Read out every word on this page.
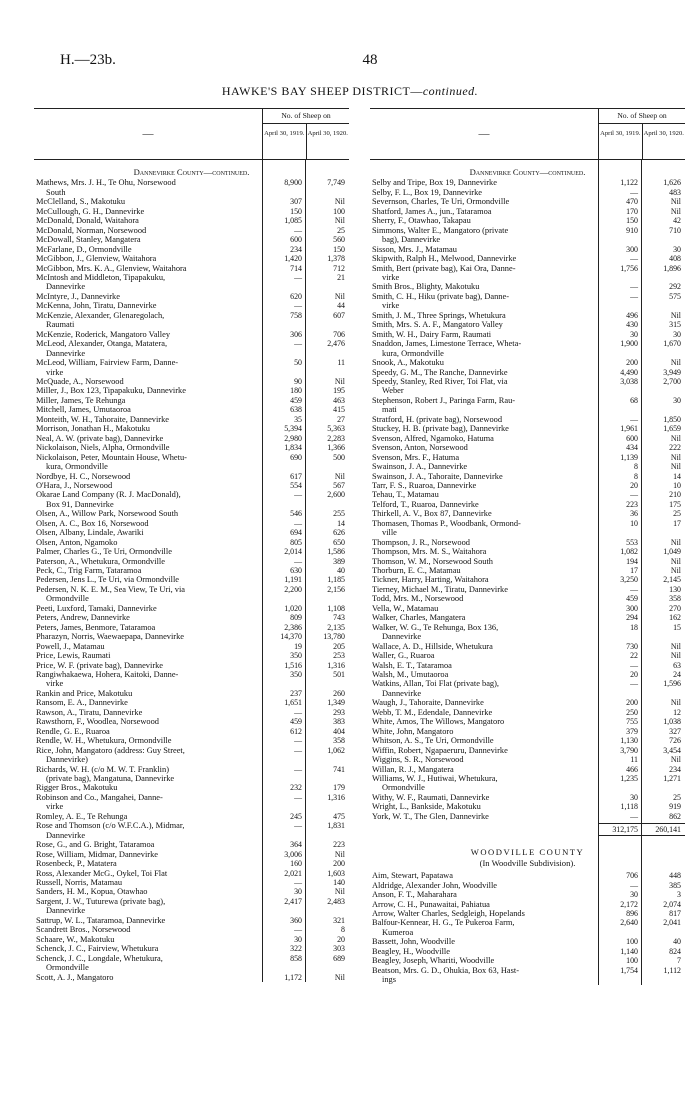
H.—23b.	48
HAWKE'S BAY SHEEP DISTRICT—continued.
—
No. of Sheep on
April 30, 1919. April 30, 1920.
Dannevirke County—continued.
Mathews, Mrs. J. H., Te Ohu, Norsewood	8,900	7,749
South
McClelland, S., Makotuku	307	Nil
McCullough, G. H., Dannevirke	150	100
McDonald, Donald, Waitahora	1,085	Nil
McDonald, Norman, Norsewood	—	25
McDowall, Stanley, Mangatera	600	560
McFarlane, D., Ormondville	234	150
McGibbon, J., Glenview, Waitahora	1,420	1,378
McGibbon, Mrs. K. A., Glenview, Waitahora	714	712
McIntosh and Middleton, Tipapakuku,	—	21
Dannevirke
McIntyre, J., Dannevirke	620	Nil
McKenna, John, Tiratu, Dannevirke	—	44
McKenzie, Alexander, Glenaregolach,	758	607
Raumati
McKenzie, Roderick, Mangatoro Valley	306	706
McLeod, Alexander, Otanga, Matatera,	—	2,476
Dannevirke
McLeod, William, Fairview Farm, Danne-	50	11
virke
McQuade, A., Norsewood	90	Nil
Miller, J., Box 123, Tipapakuku, Dannevirke	180	195
Miller, James, Te Rehunga	459	463
Mitchell, James, Umutaoroa	638	415
Monteith, W. H., Tahoraite, Dannevirke	35	27
Morrison, Jonathan H., Makotuku	5,394	5,363
Neal, A. W. (private bag), Dannevirke	2,980	2,283
Nickolaison, Niels, Alpha, Ormondville	1,834	1,366
Nickolaison, Peter, Mountain House, Whetu-	690	500
kura, Ormondville
Nordbye, H. C., Norsewood	617	Nil
O'Hara, J., Norsewood	554	567
Okarae Land Company (R. J. MacDonald),	—	2,600
Box 91, Dannevirke
Olsen, A., Willow Park, Norsewood South	546	255
Olsen, A. C., Box 16, Norsewood	—	14
Olsen, Albany, Lindale, Awariki	694	626
Olsen, Anton, Ngamoko	805	650
Palmer, Charles G., Te Uri, Ormondville	2,014	1,586
Paterson, A., Whetukura, Ormondville	—	389
Peck, C., Trig Farm, Tataramoa	630	40
Pedersen, Jens L., Te Uri, via Ormondville	1,191	1,185
Pedersen, N. K. E. M., Sea View, Te Uri, via	2,200	2,156
Ormondville
Peeti, Luxford, Tamaki, Dannevirke	1,020	1,108
Peters, Andrew, Dannevirke	809	743
Peters, James, Benmore, Tataramoa	2,386	2,135
Pharazyn, Norris, Waewaepapa, Dannevirke	14,370	13,780
Powell, J., Matamau	19	205
Price, Lewis, Raumati	350	253
Price, W. F. (private bag), Dannevirke	1,516	1,316
Rangiwhakaewa, Hohera, Kaitoki, Danne-	350	501
virke
Rankin and Price, Makotuku	237	260
Ransom, E. A., Dannevirke	1,651	1,349
Rawson, A., Tiratu, Dannevirke	—	293
Rawsthorn, F., Woodlea, Norsewood	459	383
Rendle, G. E., Ruaroa	612	404
Rendle, W. H., Whetukura, Ormondville	—	358
Rice, John, Mangatoro (address: Guy Street,	—	1,062
Dannevirke)
Richards, W. H. (c/o M. W. T. Franklin)	—	741
(private bag), Mangatuna, Dannevirke
Rigger Bros., Makotuku	232	179
Robinson and Co., Mangahei, Danne-	—	1,316
virke
Romley, A. E., Te Rehunga	245	475
Rose and Thomson (c/o W.F.C.A.), Midmar,	—	1,831
Dannevirke
Rose, G., and G. Bright, Tataramoa	364	223
Rose, William, Midmar, Dannevirke	3,006	Nil
Rosenbeck, P., Matatera	160	200
Ross, Alexander McG., Oykel, Toi Flat	2,021	1,603
Russell, Norris, Matamau	—	140
Sanders, H. M., Kopua, Otawhao	30	Nil
Sargent, J. W., Tuturewa (private bag),	2,417	2,483
Dannevirke
Sattrup, W. L., Tataramoa, Dannevirke	360	321
Scandrett Bros., Norsewood	—	8
Schaare, W., Makotuku	30	20
Schenck, J. C., Fairview, Whetukura	322	303
Schenck, J. C., Longdale, Whetukura,	858	689
Ormondville
Scott, A. J., Mangatoro	1,172	Nil
—
No. of Sheep on
April 30, 1919. April 30, 1920.
Dannevirke County—continued.
Selby and Tripe, Box 19, Dannevirke	1,122	1,626
Selby, F. L., Box 19, Dannevirke	—	483
Severnson, Charles, Te Uri, Ormondville	470	Nil
Shatford, James A., jun., Tataramoa	170	Nil
Sherry, F., Otawhao, Takapau	150	42
Simmons, Walter E., Mangatoro (private	910	710
bag), Dannevirke
Sisson, Mrs. J., Matamau	300	30
Skipwith, Ralph H., Melwood, Dannevirke	—	408
Smith, Bert (private bag), Kai Ora, Danne-	1,756	1,896
virke
Smith Bros., Blighty, Makotuku	—	292
Smith, C. H., Hiku (private bag), Danne-	—	575
virke
Smith, J. M., Three Springs, Whetukura	496	Nil
Smith, Mrs. S. A. F., Mangatoro Valley	430	315
Smith, W. H., Dairy Farm, Raumati	30	30
Snaddon, James, Limestone Terrace, Wheta-	1,900	1,670
kura, Ormondville
Snook, A., Makotuku	200	Nil
Speedy, G. M., The Ranche, Dannevirke	4,490	3,949
Speedy, Stanley, Red River, Toi Flat, via	3,038	2,700
Weber
Stephenson, Robert J., Paringa Farm, Rau-	68	30
mati
Stratford, H. (private bag), Norsewood	—	1,850
Stuckey, H. B. (private bag), Dannevirke	1,961	1,659
Svenson, Alfred, Ngamoko, Hatuma	600	Nil
Svenson, Anton, Norsewood	434	222
Svenson, Mrs. F., Hatuma	1,139	Nil
Swainson, J. A., Dannevirke	8	Nil
Swainson, J. A., Tahoraite, Dannevirke	8	14
Tarr, F. S., Ruaroa, Dannevirke	20	10
Tehau, T., Matamau	—	210
Telford, T., Ruaroa, Dannevirke	223	175
Thirkell, A. V., Box 87, Dannevirke	36	25
Thomasen, Thomas P., Woodbank, Ormond-	10	17
ville
Thompson, J. R., Norsewood	553	Nil
Thompson, Mrs. M. S., Waitahora	1,082	1,049
Thomson, W. M., Norsewood South	194	Nil
Thorburn, E. C., Matamau	17	Nil
Tickner, Harry, Harting, Waitahora	3,250	2,145
Tierney, Michael M., Tiratu, Dannevirke	—	130
Todd, Mrs. M., Norsewood	459	358
Vella, W., Matamau	300	270
Walker, Charles, Mangatera	294	162
Walker, W. G., Te Rehunga, Box 136,	18	15
Dannevirke
Wallace, A. D., Hillside, Whetukura	730	Nil
Waller, G., Ruaroa	22	Nil
Walsh, E. T., Tataramoa	—	63
Walsh, M., Umutaoroa	20	24
Watkins, Allan, Toi Flat (private bag),	—	1,596
Dannevirke
Waugh, J., Tahoraite, Dannevirke	200	Nil
Webb, T. M., Edendale, Dannevirke	250	12
White, Amos, The Willows, Mangatoro	755	1,038
White, John, Mangatoro	379	327
Whitson, A. S., Te Uri, Ormondville	1,130	726
Wiffin, Robert, Ngapaeruru, Dannevirke	3,790	3,454
Wiggins, S. R., Norsewood	11	Nil
Willan, R. J., Mangatera	466	234
Williams, W. J., Hutiwai, Whetukura,	1,235	1,271
Ormondville
Withy, W. F., Raumati, Dannevirke	30	25
Wright, L., Bankside, Makotuku	1,118	919
York, W. T., The Glen, Dannevirke	—	862
312,175	260,141
WOODVILLE COUNTY
(In Woodville Subdivision).
Aim, Stewart, Papatawa	706	448
Aldridge, Alexander John, Woodville	—	385
Anson, F. T., Maharahara	30	3
Arrow, C. H., Punawaitai, Pahiatua	2,172	2,074
Arrow, Walter Charles, Sedgleigh, Hopelands	896	817
Balfour-Kennear, H. G., Te Pukeroa Farm,	2,640	2,041
Kumeroa
Bassett, John, Woodville	100	40
Beagley, H., Woodville	1,140	824
Beagley, Joseph, Whariti, Woodville	100	7
Beatson, Mrs. G. D., Ohukia, Box 63, Hast-	1,754	1,112
ings
